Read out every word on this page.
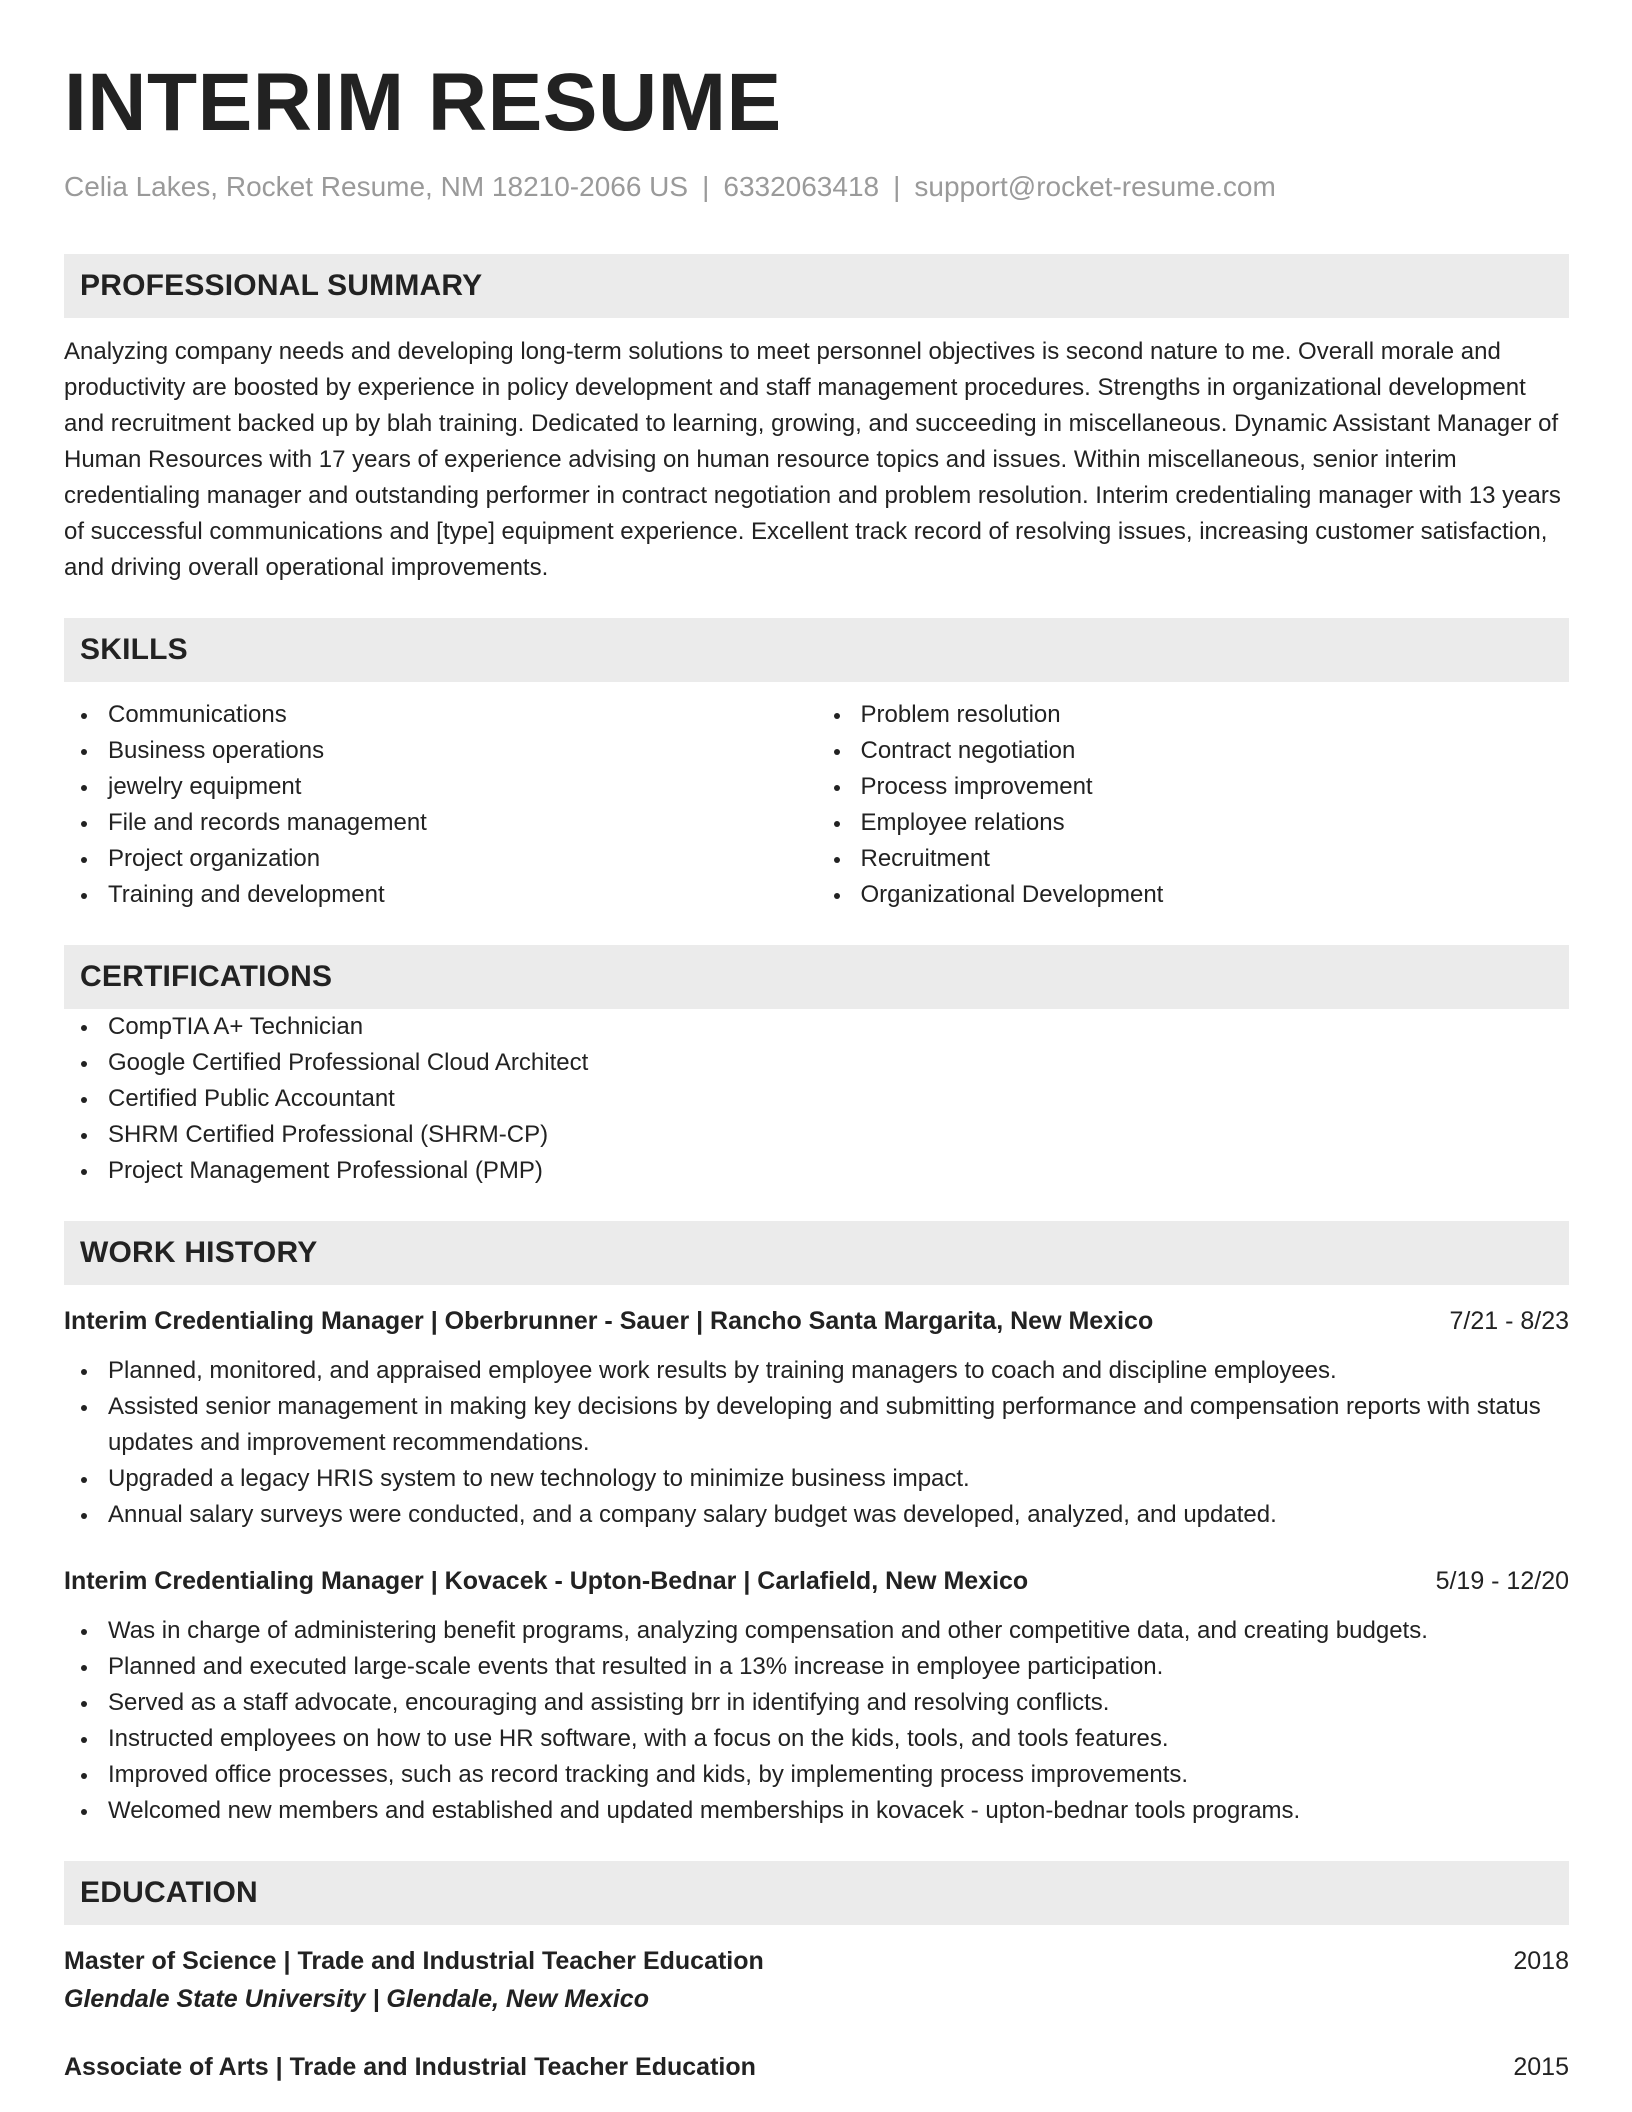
INTERIM RESUME
Celia Lakes, Rocket Resume, NM 18210-2066 US | 6332063418 | support@rocket-resume.com
PROFESSIONAL SUMMARY
Analyzing company needs and developing long-term solutions to meet personnel objectives is second nature to me. Overall morale and productivity are boosted by experience in policy development and staff management procedures. Strengths in organizational development and recruitment backed up by blah training. Dedicated to learning, growing, and succeeding in miscellaneous. Dynamic Assistant Manager of Human Resources with 17 years of experience advising on human resource topics and issues. Within miscellaneous, senior interim credentialing manager and outstanding performer in contract negotiation and problem resolution. Interim credentialing manager with 13 years of successful communications and [type] equipment experience. Excellent track record of resolving issues, increasing customer satisfaction, and driving overall operational improvements.
SKILLS
Communications
Business operations
jewelry equipment
File and records management
Project organization
Training and development
Problem resolution
Contract negotiation
Process improvement
Employee relations
Recruitment
Organizational Development
CERTIFICATIONS
CompTIA A+ Technician
Google Certified Professional Cloud Architect
Certified Public Accountant
SHRM Certified Professional (SHRM-CP)
Project Management Professional (PMP)
WORK HISTORY
Interim Credentialing Manager | Oberbrunner - Sauer | Rancho Santa Margarita, New Mexico	7/21 - 8/23
Planned, monitored, and appraised employee work results by training managers to coach and discipline employees.
Assisted senior management in making key decisions by developing and submitting performance and compensation reports with status updates and improvement recommendations.
Upgraded a legacy HRIS system to new technology to minimize business impact.
Annual salary surveys were conducted, and a company salary budget was developed, analyzed, and updated.
Interim Credentialing Manager | Kovacek - Upton-Bednar | Carlafield, New Mexico	5/19 - 12/20
Was in charge of administering benefit programs, analyzing compensation and other competitive data, and creating budgets.
Planned and executed large-scale events that resulted in a 13% increase in employee participation.
Served as a staff advocate, encouraging and assisting brr in identifying and resolving conflicts.
Instructed employees on how to use HR software, with a focus on the kids, tools, and tools features.
Improved office processes, such as record tracking and kids, by implementing process improvements.
Welcomed new members and established and updated memberships in kovacek - upton-bednar tools programs.
EDUCATION
Master of Science | Trade and Industrial Teacher Education	2018
Glendale State University | Glendale, New Mexico
Associate of Arts | Trade and Industrial Teacher Education	2015
